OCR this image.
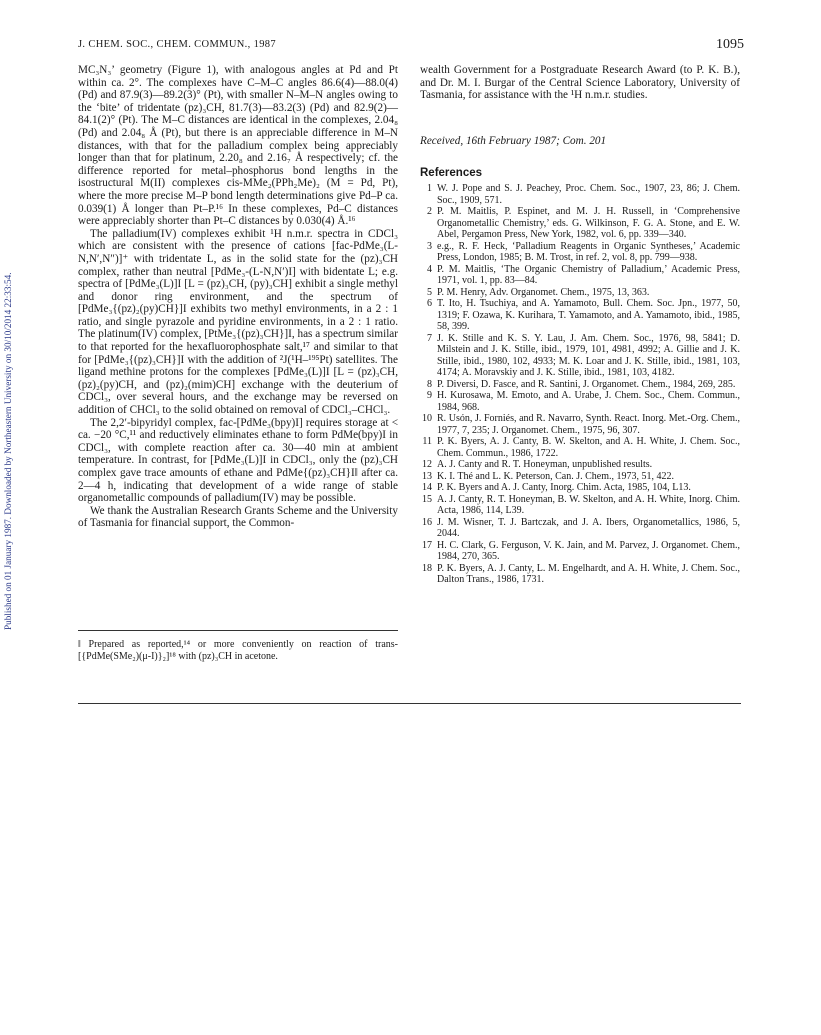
Published on 01 January 1987. Downloaded by Northeastern University on 30/10/2014 22:33:54.
J. CHEM. SOC., CHEM. COMMUN., 1987	1095

MC₃N₃’ geometry (Figure 1), with analogous angles at Pd and Pt within ca. 2°. The complexes have C–M–C angles 86.6(4)—88.0(4) (Pd) and 87.9(3)—89.2(3)° (Pt), with smaller N–M–N angles owing to the ‘bite’ of tridentate (pz)₃CH, 81.7(3)—83.2(3) (Pd) and 82.9(2)—84.1(2)° (Pt). The M–C distances are identical in the complexes, 2.04₈ (Pd) and 2.04₈ Å (Pt), but there is an appreciable difference in M–N distances, with that for the palladium complex being appreciably longer than that for platinum, 2.20₈ and 2.16₇ Å respectively; cf. the difference reported for metal–phosphorus bond lengths in the isostructural M(II) complexes cis-MMe₂(PPh₂Me)₂ (M = Pd, Pt), where the more precise M–P bond length determinations give Pd–P ca. 0.039(1) Å longer than Pt–P.¹⁶ In these complexes, Pd–C distances were appreciably shorter than Pt–C distances by 0.030(4) Å.¹⁶

The palladium(IV) complexes exhibit ¹H n.m.r. spectra in CDCl₃ which are consistent with the presence of cations [fac-PdMe₃(L-N,N′,N″)]⁺ with tridentate L, as in the solid state for the (pz)₃CH complex, rather than neutral [PdMe₃-(L-N,N′)I] with bidentate L; e.g. spectra of [PdMe₃(L)]I [L = (pz)₃CH, (py)₃CH] exhibit a single methyl and donor ring environment, and the spectrum of [PdMe₃{(pz)₂(py)CH}]I exhibits two methyl environments, in a 2 : 1 ratio, and single pyrazole and pyridine environments, in a 2 : 1 ratio. The platinum(IV) complex, [PtMe₃{(pz)₃CH}]I, has a spectrum similar to that reported for the hexafluorophosphate salt,¹⁷ and similar to that for [PdMe₃{(pz)₃CH}]I with the addition of ²J(¹H–¹⁹⁵Pt) satellites. The ligand methine protons for the complexes [PdMe₃(L)]I [L = (pz)₃CH, (pz)₂(py)CH, and (pz)₂(mim)CH] exchange with the deuterium of CDCl₃, over several hours, and the exchange may be reversed on addition of CHCl₃ to the solid obtained on removal of CDCl₃–CHCl₃.

The 2,2′-bipyridyl complex, fac-[PdMe₃(bpy)I] requires storage at < ca. −20 °C,¹¹ and reductively eliminates ethane to form PdMe(bpy)I in CDCl₃, with complete reaction after ca. 30—40 min at ambient temperature. In contrast, for [PdMe₃(L)]I in CDCl₃, only the (pz)₃CH complex gave trace amounts of ethane and PdMe{(pz)₃CH}I‖ after ca. 2—4 h, indicating that development of a wide range of stable organometallic compounds of palladium(IV) may be possible.

We thank the Australian Research Grants Scheme and the University of Tasmania for financial support, the Common-

‖ Prepared as reported,¹⁴ or more conveniently on reaction of trans-[{PdMe(SMe₂)(μ-I)}₂]¹⁸ with (pz)₃CH in acetone.

wealth Government for a Postgraduate Research Award (to P. K. B.), and Dr. M. I. Burgar of the Central Science Laboratory, University of Tasmania, for assistance with the ¹H n.m.r. studies.

Received, 16th February 1987; Com. 201
References
1 W. J. Pope and S. J. Peachey, Proc. Chem. Soc., 1907, 23, 86; J. Chem. Soc., 1909, 571.
2 P. M. Maitlis, P. Espinet, and M. J. H. Russell, in ‘Comprehensive Organometallic Chemistry,’ eds. G. Wilkinson, F. G. A. Stone, and E. W. Abel, Pergamon Press, New York, 1982, vol. 6, pp. 339—340.
3 e.g., R. F. Heck, ‘Palladium Reagents in Organic Syntheses,’ Academic Press, London, 1985; B. M. Trost, in ref. 2, vol. 8, pp. 799—938.
4 P. M. Maitlis, ‘The Organic Chemistry of Palladium,’ Academic Press, 1971, vol. 1, pp. 83—84.
5 P. M. Henry, Adv. Organomet. Chem., 1975, 13, 363.
6 T. Ito, H. Tsuchiya, and A. Yamamoto, Bull. Chem. Soc. Jpn., 1977, 50, 1319; F. Ozawa, K. Kurihara, T. Yamamoto, and A. Yamamoto, ibid., 1985, 58, 399.
7 J. K. Stille and K. S. Y. Lau, J. Am. Chem. Soc., 1976, 98, 5841; D. Milstein and J. K. Stille, ibid., 1979, 101, 4981, 4992; A. Gillie and J. K. Stille, ibid., 1980, 102, 4933; M. K. Loar and J. K. Stille, ibid., 1981, 103, 4174; A. Moravskiy and J. K. Stille, ibid., 1981, 103, 4182.
8 P. Diversi, D. Fasce, and R. Santini, J. Organomet. Chem., 1984, 269, 285.
9 H. Kurosawa, M. Emoto, and A. Urabe, J. Chem. Soc., Chem. Commun., 1984, 968.
10 R. Usón, J. Forniés, and R. Navarro, Synth. React. Inorg. Met.-Org. Chem., 1977, 7, 235; J. Organomet. Chem., 1975, 96, 307.
11 P. K. Byers, A. J. Canty, B. W. Skelton, and A. H. White, J. Chem. Soc., Chem. Commun., 1986, 1722.
12 A. J. Canty and R. T. Honeyman, unpublished results.
13 K. I. Thé and L. K. Peterson, Can. J. Chem., 1973, 51, 422.
14 P. K. Byers and A. J. Canty, Inorg. Chim. Acta, 1985, 104, L13.
15 A. J. Canty, R. T. Honeyman, B. W. Skelton, and A. H. White, Inorg. Chim. Acta, 1986, 114, L39.
16 J. M. Wisner, T. J. Bartczak, and J. A. Ibers, Organometallics, 1986, 5, 2044.
17 H. C. Clark, G. Ferguson, V. K. Jain, and M. Parvez, J. Organomet. Chem., 1984, 270, 365.
18 P. K. Byers, A. J. Canty, L. M. Engelhardt, and A. H. White, J. Chem. Soc., Dalton Trans., 1986, 1731.
